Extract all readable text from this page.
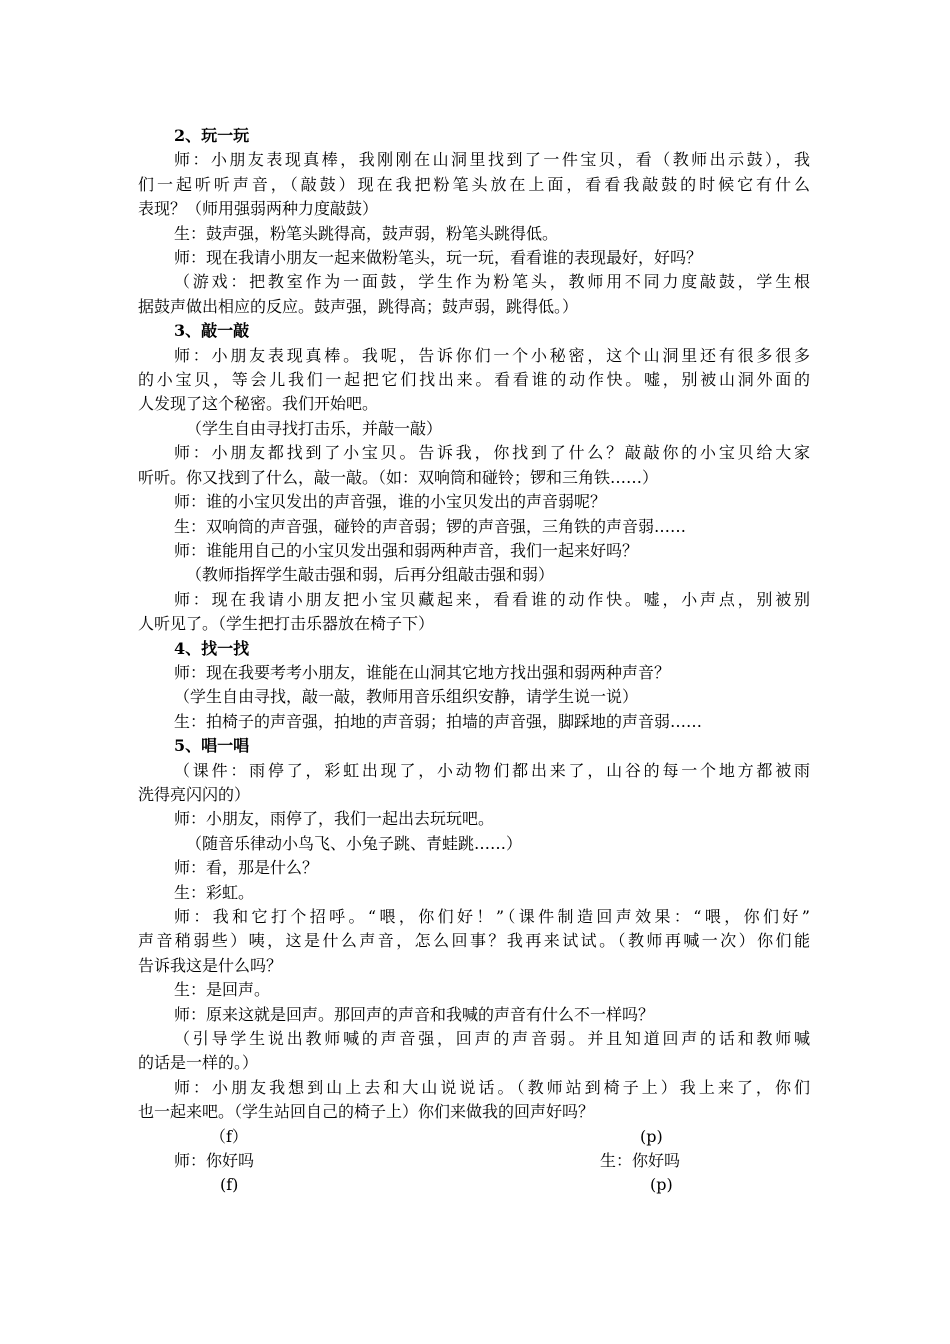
2、玩一玩
师：小朋友表现真棒，我刚刚在山洞里找到了一件宝贝，看（教师出示鼓），我
们一起听听声音，（敲鼓）现在我把粉笔头放在上面，看看我敲鼓的时候它有什么
表现？（师用强弱两种力度敲鼓）
生：鼓声强，粉笔头跳得高，鼓声弱，粉笔头跳得低。
师：现在我请小朋友一起来做粉笔头，玩一玩，看看谁的表现最好，好吗？
（游戏：把教室作为一面鼓，学生作为粉笔头，教师用不同力度敲鼓，学生根
据鼓声做出相应的反应。鼓声强，跳得高；鼓声弱，跳得低。）
3、敲一敲
师：小朋友表现真棒。我呢，告诉你们一个小秘密，这个山洞里还有很多很多
的小宝贝，等会儿我们一起把它们找出来。看看谁的动作快。嘘，别被山洞外面的
人发现了这个秘密。我们开始吧。
（学生自由寻找打击乐，并敲一敲）
师：小朋友都找到了小宝贝。告诉我，你找到了什么？敲敲你的小宝贝给大家
听听。你又找到了什么，敲一敲。（如：双响筒和碰铃；锣和三角铁……）
师：谁的小宝贝发出的声音强，谁的小宝贝发出的声音弱呢？
生：双响筒的声音强，碰铃的声音弱；锣的声音强，三角铁的声音弱……
师：谁能用自己的小宝贝发出强和弱两种声音，我们一起来好吗？
（教师指挥学生敲击强和弱，后再分组敲击强和弱）
师：现在我请小朋友把小宝贝藏起来，看看谁的动作快。嘘，小声点，别被别
人听见了。（学生把打击乐器放在椅子下）
4、找一找
师：现在我要考考小朋友，谁能在山洞其它地方找出强和弱两种声音？
（学生自由寻找，敲一敲，教师用音乐组织安静，请学生说一说）
生：拍椅子的声音强，拍地的声音弱；拍墙的声音强，脚踩地的声音弱……
5、唱一唱
（课件：雨停了，彩虹出现了，小动物们都出来了，山谷的每一个地方都被雨
洗得亮闪闪的）
师：小朋友，雨停了，我们一起出去玩玩吧。
（随音乐律动小鸟飞、小兔子跳、青蛙跳……）
师：看，那是什么？
生：彩虹。
师：我和它打个招呼。“喂，你们好！”（课件制造回声效果：“喂，你们好”
声音稍弱些）咦，这是什么声音，怎么回事？我再来试试。（教师再喊一次）你们能
告诉我这是什么吗？
生：是回声。
师：原来这就是回声。那回声的声音和我喊的声音有什么不一样吗？
（引导学生说出教师喊的声音强，回声的声音弱。并且知道回声的话和教师喊
的话是一样的。）
师：小朋友我想到山上去和大山说说话。（教师站到椅子上）我上来了，你们
也一起来吧。（学生站回自己的椅子上）你们来做我的回声好吗？
（f）	(p)
师：你好吗	生：你好吗
(f)	(p)
